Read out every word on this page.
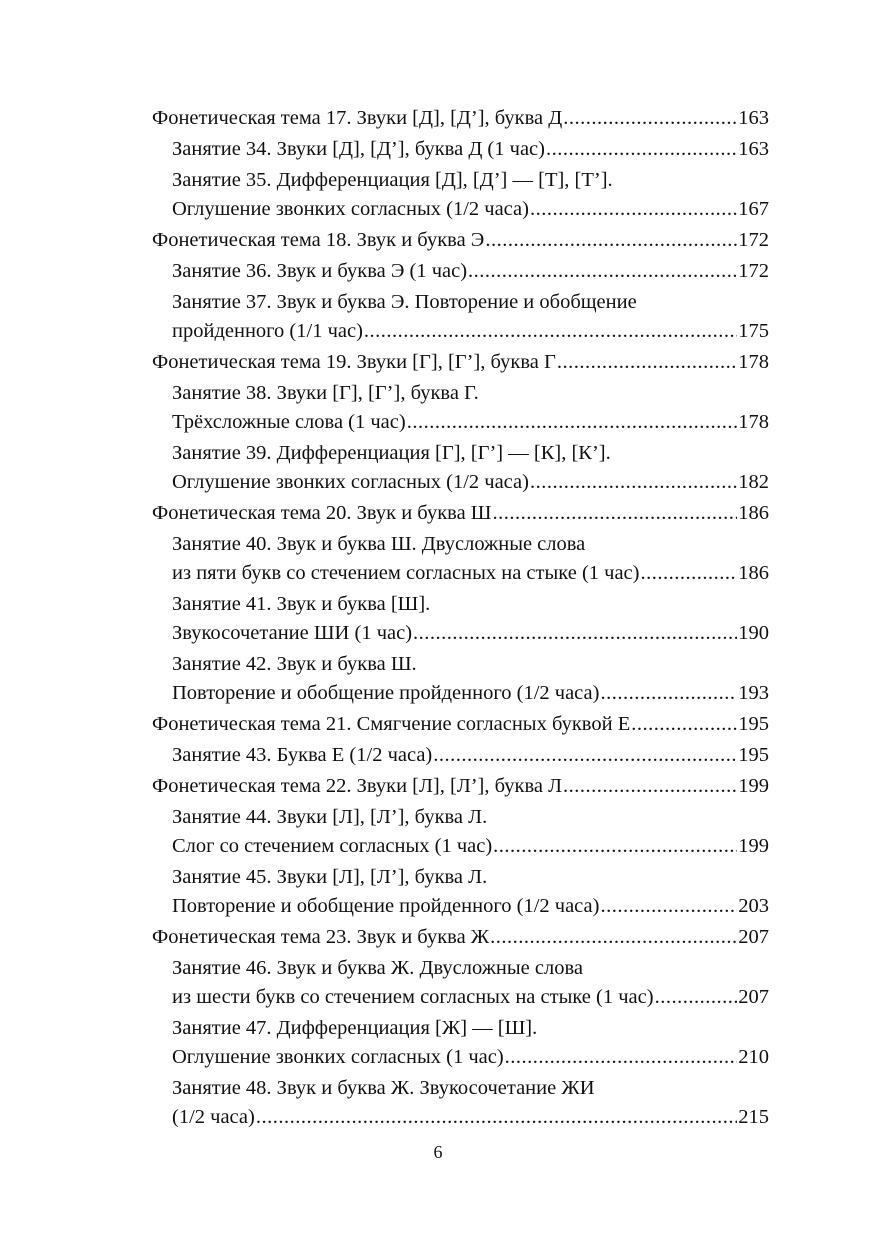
Фонетическая тема 17. Звуки [Д], [Д’], буква Д .....	163
Занятие 34. Звуки [Д], [Д’], буква Д (1 час) .....	163
Занятие 35. Дифференциация [Д], [Д’] — [Т], [Т’].
Оглушение звонких согласных (1/2 часа) .....	167
Фонетическая тема 18. Звук и буква Э .....	172
Занятие 36. Звук и буква Э (1 час) .....	172
Занятие 37. Звук и буква Э. Повторение и обобщение
пройденного (1/1 час) .....	175
Фонетическая тема 19. Звуки [Г], [Г’], буква Г .....	178
Занятие 38. Звуки [Г], [Г’], буква Г.
Трёхсложные слова (1 час) .....	178
Занятие 39. Дифференциация [Г], [Г’] — [К], [К’].
Оглушение звонких согласных (1/2 часа) .....	182
Фонетическая тема 20. Звук и буква Ш .....	186
Занятие 40. Звук и буква Ш. Двусложные слова
из пяти букв со стечением согласных на стыке (1 час) .....	186
Занятие 41. Звук и буква [Ш].
Звукосочетание ШИ (1 час) .....	190
Занятие 42. Звук и буква Ш.
Повторение и обобщение пройденного (1/2 часа) .....	193
Фонетическая тема 21. Смягчение согласных буквой Е .....	195
Занятие 43. Буква Е (1/2 часа) .....	195
Фонетическая тема 22. Звуки [Л], [Л’], буква Л .....	199
Занятие 44. Звуки [Л], [Л’], буква Л.
Слог со стечением согласных (1 час) .....	199
Занятие 45. Звуки [Л], [Л’], буква Л.
Повторение и обобщение пройденного (1/2 часа) .....	203
Фонетическая тема 23. Звук и буква Ж .....	207
Занятие 46. Звук и буква Ж. Двусложные слова
из шести букв со стечением согласных на стыке (1 час) .....	207
Занятие 47. Дифференциация [Ж] — [Ш].
Оглушение звонких согласных (1 час) .....	210
Занятие 48. Звук и буква Ж. Звукосочетание ЖИ
(1/2 часа) .....	215
6
